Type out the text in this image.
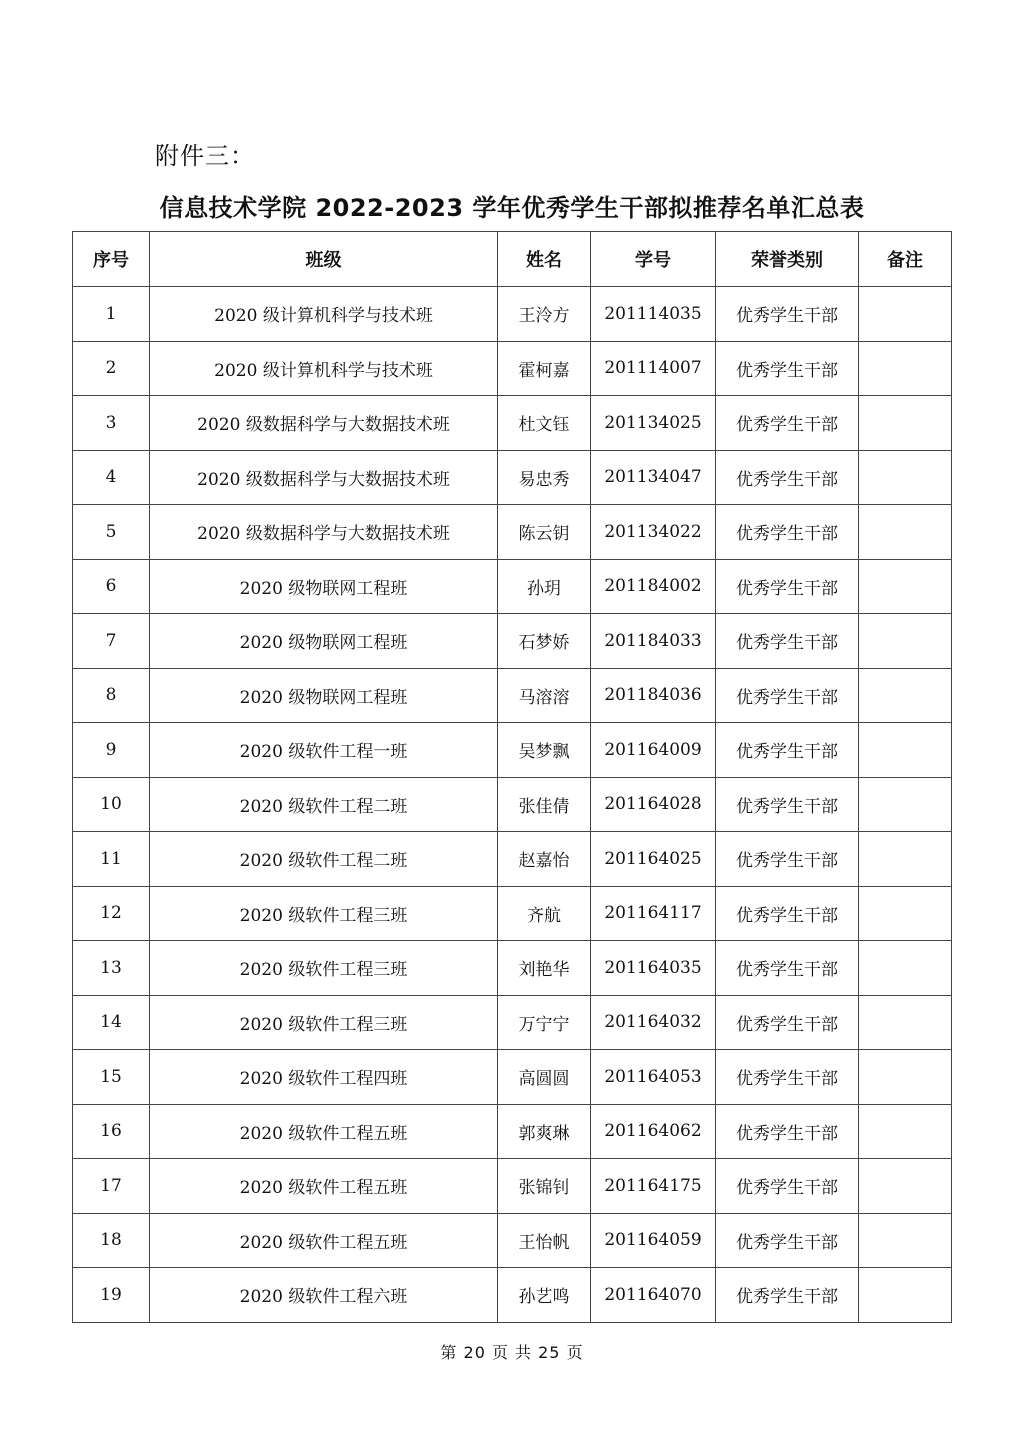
附件三：
信息技术学院 2022-2023 学年优秀学生干部拟推荐名单汇总表
序号	班级	姓名	学号	荣誉类别	备注
1	2020 级计算机科学与技术班	王泠方	201114035	优秀学生干部	
2	2020 级计算机科学与技术班	霍柯嘉	201114007	优秀学生干部	
3	2020 级数据科学与大数据技术班	杜文钰	201134025	优秀学生干部	
4	2020 级数据科学与大数据技术班	易忠秀	201134047	优秀学生干部	
5	2020 级数据科学与大数据技术班	陈云钥	201134022	优秀学生干部	
6	2020 级物联网工程班	孙玥	201184002	优秀学生干部	
7	2020 级物联网工程班	石梦娇	201184033	优秀学生干部	
8	2020 级物联网工程班	马溶溶	201184036	优秀学生干部	
9	2020 级软件工程一班	吴梦飘	201164009	优秀学生干部	
10	2020 级软件工程二班	张佳倩	201164028	优秀学生干部	
11	2020 级软件工程二班	赵嘉怡	201164025	优秀学生干部	
12	2020 级软件工程三班	齐航	201164117	优秀学生干部	
13	2020 级软件工程三班	刘艳华	201164035	优秀学生干部	
14	2020 级软件工程三班	万宁宁	201164032	优秀学生干部	
15	2020 级软件工程四班	高圆圆	201164053	优秀学生干部	
16	2020 级软件工程五班	郭爽琳	201164062	优秀学生干部	
17	2020 级软件工程五班	张锦钊	201164175	优秀学生干部	
18	2020 级软件工程五班	王怡帆	201164059	优秀学生干部	
19	2020 级软件工程六班	孙艺鸣	201164070	优秀学生干部	
第 20 页 共 25 页
